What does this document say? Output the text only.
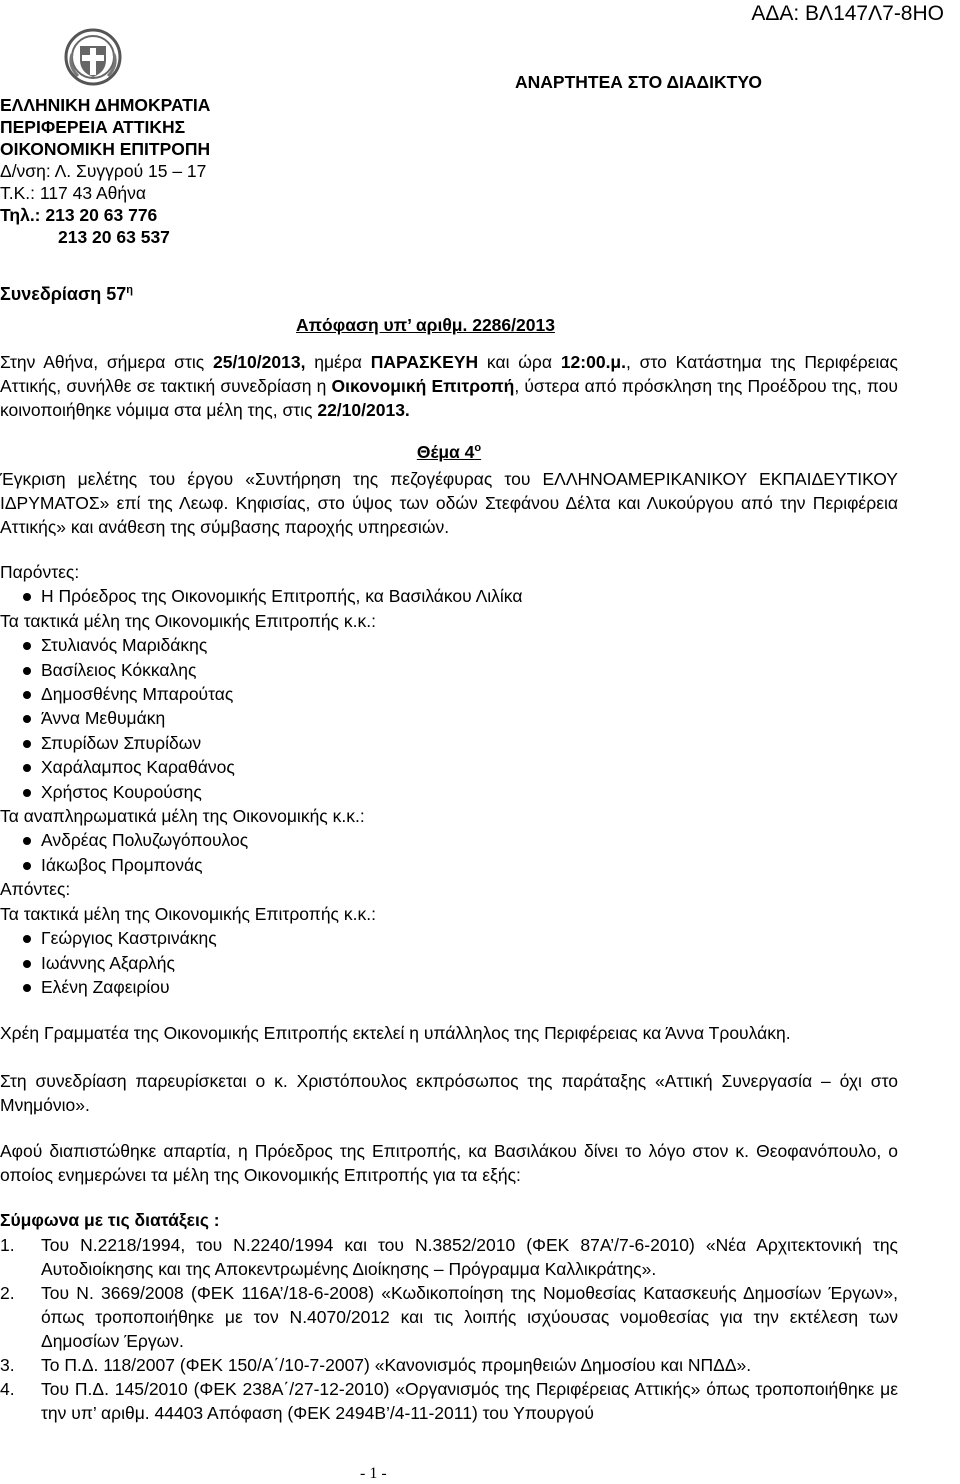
ΑΔΑ: ΒΛ147Λ7-8ΗΟ
ΕΛΛΗΝΙΚΗ ΔΗΜΟΚΡΑΤΙΑ
ΠΕΡΙΦΕΡΕΙΑ ΑΤΤΙΚΗΣ
ΟΙΚΟΝΟΜΙΚΗ ΕΠΙΤΡΟΠΗ
Δ/νση: Λ. Συγγρού 15 – 17
Τ.Κ.: 117 43 Αθήνα
Τηλ.: 213 20 63 776
213 20 63 537
ΑΝΑΡΤΗΤΕΑ ΣΤΟ ΔΙΑΔΙΚΤΥΟ
Συνεδρίαση $57^\eta$
Απόφαση υπ’ αριθμ. 2286/2013
Στην Αθήνα, σήμερα στις 25/10/2013, ημέρα ΠΑΡΑΣΚΕΥΗ και ώρα 12:00.μ., στο Κατάστημα της Περιφέρειας Αττικής, συνήλθε σε τακτική συνεδρίαση η Οικονομική Επιτροπή, ύστερα από πρόσκληση της Προέδρου της, που κοινοποιήθηκε νόμιμα στα μέλη της, στις 22/10/2013.
Θέμα $4^o$
Έγκριση μελέτης του έργου «Συντήρηση της πεζογέφυρας του ΕΛΛΗΝΟΑΜΕΡΙΚΑΝΙΚΟΥ ΕΚΠΑΙΔΕΥΤΙΚΟΥ ΙΔΡΥΜΑΤΟΣ» επί της Λεωφ. Κηφισίας, στο ύψος των οδών Στεφάνου Δέλτα και Λυκούργου από την Περιφέρεια Αττικής» και ανάθεση της σύμβασης παροχής υπηρεσιών.
Παρόντες:
Η Πρόεδρος της Οικονομικής Επιτροπής, κα Βασιλάκου Λιλίκα
Τα τακτικά μέλη της Οικονομικής Επιτροπής κ.κ.:
Στυλιανός Μαριδάκης
Βασίλειος Κόκκαλης
Δημοσθένης Μπαρούτας
Άννα Μεθυμάκη
Σπυρίδων Σπυρίδων
Χαράλαμπος Καραθάνος
Χρήστος Κουρούσης
Τα αναπληρωματικά μέλη της Οικονομικής κ.κ.:
Ανδρέας Πολυζωγόπουλος
Ιάκωβος Προμπονάς
Απόντες:
Τα τακτικά μέλη της Οικονομικής Επιτροπής κ.κ.:
Γεώργιος Καστρινάκης
Ιωάννης Αξαρλής
Ελένη Ζαφειρίου
Χρέη Γραμματέα της Οικονομικής Επιτροπής εκτελεί η υπάλληλος της Περιφέρειας κα Άννα Τρουλάκη.
Στη συνεδρίαση παρευρίσκεται ο κ. Χριστόπουλος εκπρόσωπος της παράταξης «Αττική Συνεργασία – όχι στο Μνημόνιο».
Αφού διαπιστώθηκε απαρτία, η Πρόεδρος της Επιτροπής, κα Βασιλάκου δίνει το λόγο στον κ. Θεοφανόπουλο, ο οποίος ενημερώνει τα μέλη της Οικονομικής Επιτροπής για τα εξής:
Σύμφωνα με τις διατάξεις :
1.	Του Ν.2218/1994, του Ν.2240/1994 και του Ν.3852/2010 (ΦΕΚ 87Α’/7-6-2010) «Νέα Αρχιτεκτονική της Αυτοδιοίκησης και της Αποκεντρωμένης Διοίκησης – Πρόγραμμα Καλλικράτης».
2.	Του Ν. 3669/2008 (ΦΕΚ 116Α’/18-6-2008) «Κωδικοποίηση της Νομοθεσίας Κατασκευής Δημοσίων Έργων», όπως τροποποιήθηκε με τον Ν.4070/2012 και τις λοιπής ισχύουσας νομοθεσίας για την εκτέλεση των Δημοσίων Έργων.
3.	Το Π.Δ. 118/2007 (ΦΕΚ 150/Α΄/10-7-2007) «Κανονισμός προμηθειών Δημοσίου και ΝΠΔΔ».
4.	Του Π.Δ. 145/2010 (ΦΕΚ 238Α΄/27-12-2010) «Οργανισμός της Περιφέρειας Αττικής» όπως τροποποιήθηκε με την υπ’ αριθμ. 44403 Απόφαση (ΦΕΚ 2494Β’/4-11-2011) του Υπουργού
- 1 -
